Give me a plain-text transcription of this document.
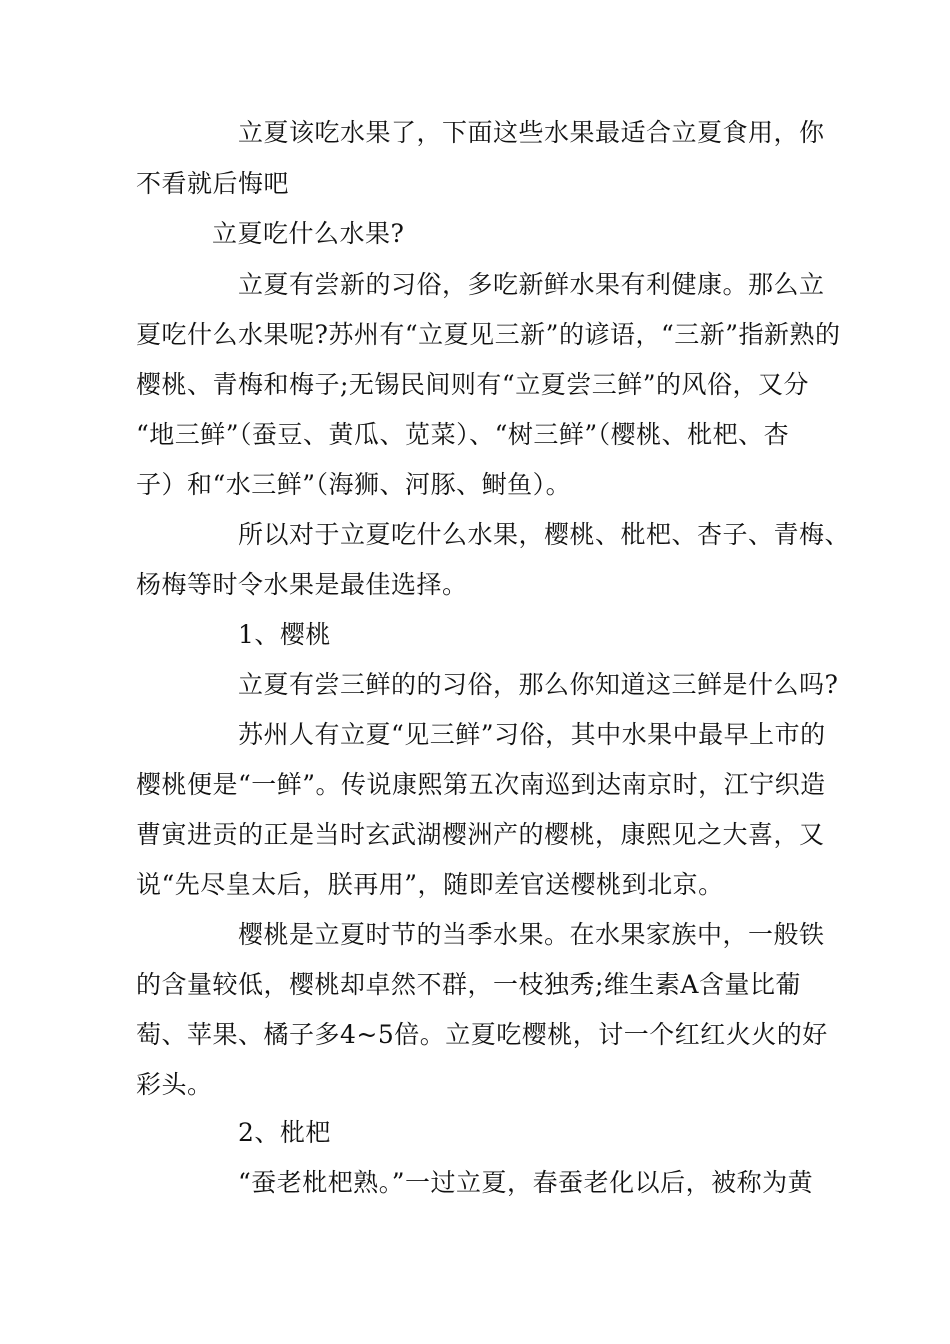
立夏该吃水果了，下面这些水果最适合立夏食用，你
不看就后悔吧
立夏吃什么水果?
立夏有尝新的习俗，多吃新鲜水果有利健康。那么立
夏吃什么水果呢?苏州有“立夏见三新”的谚语，“三新”指新熟的
樱桃、青梅和梅子;无锡民间则有“立夏尝三鲜”的风俗，又分
“地三鲜”（蚕豆、黄瓜、苋菜）、“树三鲜”（樱桃、枇杷、杏
子）和“水三鲜”（海狮、河豚、鲥鱼）。
所以对于立夏吃什么水果，樱桃、枇杷、杏子、青梅、
杨梅等时令水果是最佳选择。
1、樱桃
立夏有尝三鲜的的习俗，那么你知道这三鲜是什么吗?
苏州人有立夏“见三鲜”习俗，其中水果中最早上市的
樱桃便是“一鲜”。传说康熙第五次南巡到达南京时，江宁织造
曹寅进贡的正是当时玄武湖樱洲产的樱桃，康熙见之大喜，又
说“先尽皇太后，朕再用”，随即差官送樱桃到北京。
樱桃是立夏时节的当季水果。在水果家族中，一般铁
的含量较低，樱桃却卓然不群，一枝独秀;维生素A含量比葡
萄、苹果、橘子多4~5倍。立夏吃樱桃，讨一个红红火火的好
彩头。
2、枇杷
“蚕老枇杷熟。”一过立夏，春蚕老化以后，被称为黄
